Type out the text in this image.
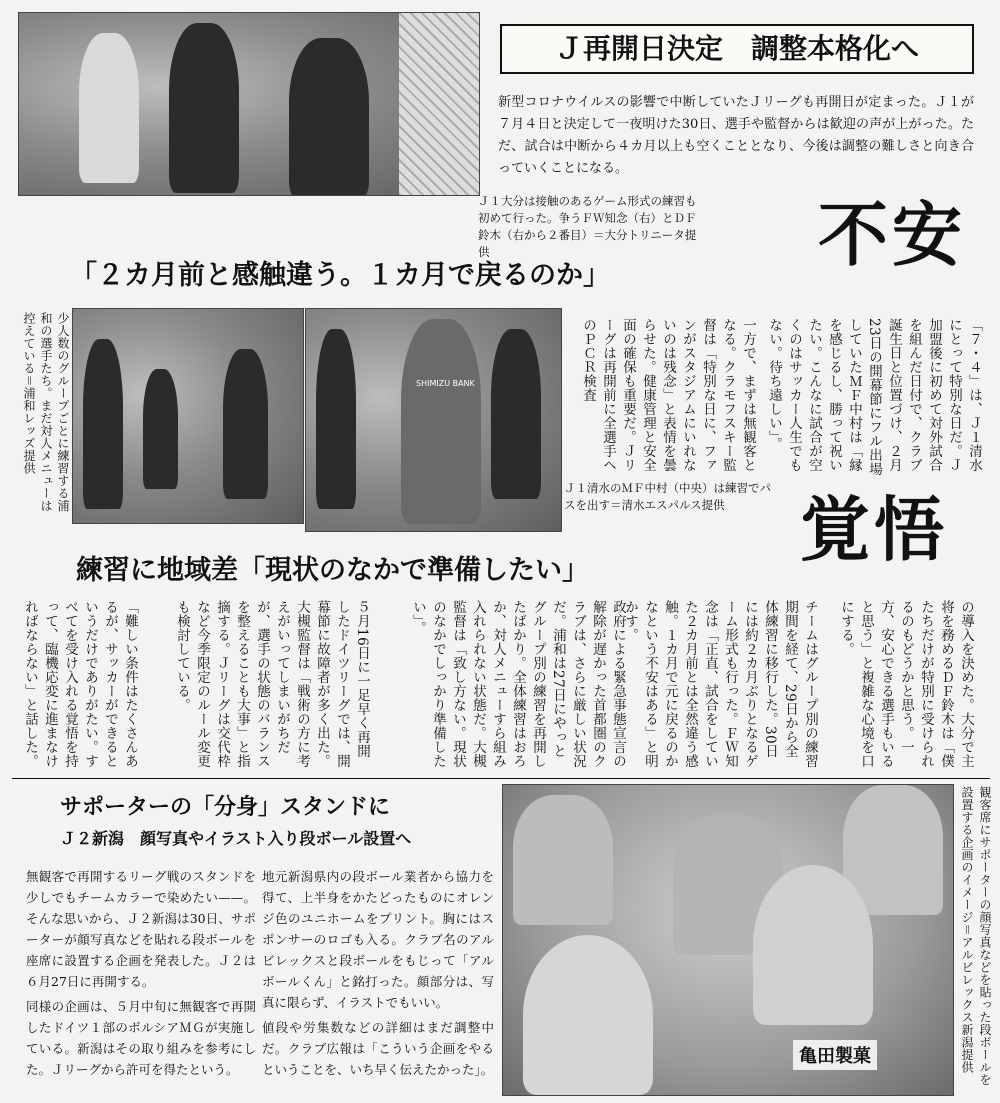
Ｊ１大分は接触のあるゲーム形式の練習も初めて行った。争うＦＷ知念（右）とＤＦ鈴木（右から２番目）＝大分トリニータ提供
Ｊ再開日決定　調整本格化へ
新型コロナウイルスの影響で中断していたＪリーグも再開日が定まった。Ｊ１が７月４日と決定して一夜明けた30日、選手や監督からは歓迎の声が上がった。ただ、試合は中断から４カ月以上も空くこととなり、今後は調整の難しさと向き合っていくことになる。
不安
「２カ月前と感触違う。１カ月で戻るのか」
少人数のグループごとに練習する浦和の選手たち。まだ対人メニューは控えている＝浦和レッズ提供	SHIMIZU BANK	「７・４」は、Ｊ１清水にとって特別な日だ。Ｊ加盟後に初めて対外試合を組んだ日付で、クラブ誕生日と位置づけ、２月23日の開幕節にフル出場していたＭＦ中村は「縁を感じるし、勝って祝いたい。こんなに試合が空くのはサッカー人生でもない。待ち遠しい」。
一方で、まずは無観客となる。クラモフスキー監督は「特別な日に、ファンがスタジアムにいれないのは残念」と表情を曇らせた。健康管理と安全面の確保も重要だ。Ｊリーグは再開前に全選手へのＰＣＲ検査
Ｊ１清水のＭＦ中村（中央）は練習でパスを出す＝清水エスパルス提供	覚悟
練習に地域差「現状のなかで準備したい」
の導入を決めた。大分で主将を務めるＤＦ鈴木は「僕たちだけが特別に受けられるのもどうかと思う。一方、安心できる選手もいると思う」と複雑な心境を口にする。
チームはグループ別の練習期間を経て、29日から全体練習に移行した。30日には約２カ月ぶりとなるゲーム形式も行った。ＦＷ知念は「正直、試合をしていた２カ月前とは全然違う感触。１カ月で元に戻るのかなという不安はある」と明かす。
政府による緊急事態宣言の解除が遅かった首都圏のクラブは、さらに厳しい状況だ。浦和は27日にやっとグループ別の練習を再開したばかり。全体練習はおろか、対人メニューすら組み入れられない状態だ。大槻監督は「致し方ない。現状のなかでしっかり準備したい」。
５月16日に一足早く再開したドイツリーグでは、開幕節に故障者が多く出た。大槻監督は「戦術の方に考えがいってしまいがちだが、選手の状態のバランスを整えることも大事」と指摘する。Ｊリーグは交代枠など今季限定のルール変更も検討している。
「難しい条件はたくさんあるが、サッカーができるというだけでありがたい。すべてを受け入れる覚悟を持って、臨機応変に進まなければならない」と話した。
サポーターの「分身」スタンドに
Ｊ２新潟　顔写真やイラスト入り段ボール設置へ

無観客で再開するリーグ戦のスタンドを少しでもチームカラーで染めたい——。そんな思いから、Ｊ２新潟は30日、サポーターが顔写真などを貼れる段ボールを座席に設置する企画を発表した。Ｊ２は６月27日に再開する。

同様の企画は、５月中旬に無観客で再開したドイツ１部のボルシアＭＧが実施している。新潟はその取り組みを参考にした。Ｊリーグから許可を得たという。

地元新潟県内の段ボール業者から協力を得て、上半身をかたどったものにオレンジ色のユニホームをプリント。胸にはスポンサーのロゴも入る。クラブ名のアルビレックスと段ボールをもじって「アルボールくん」と銘打った。顔部分は、写真に限らず、イラストでもいい。

値段や労集数などの詳細はまだ調整中だ。クラブ広報は「こういう企画をやるということを、いち早く伝えたかった」。

亀田製菓	観客席にサポーターの顔写真などを貼った段ボールを設置する企画のイメージ＝アルビレックス新潟提供
